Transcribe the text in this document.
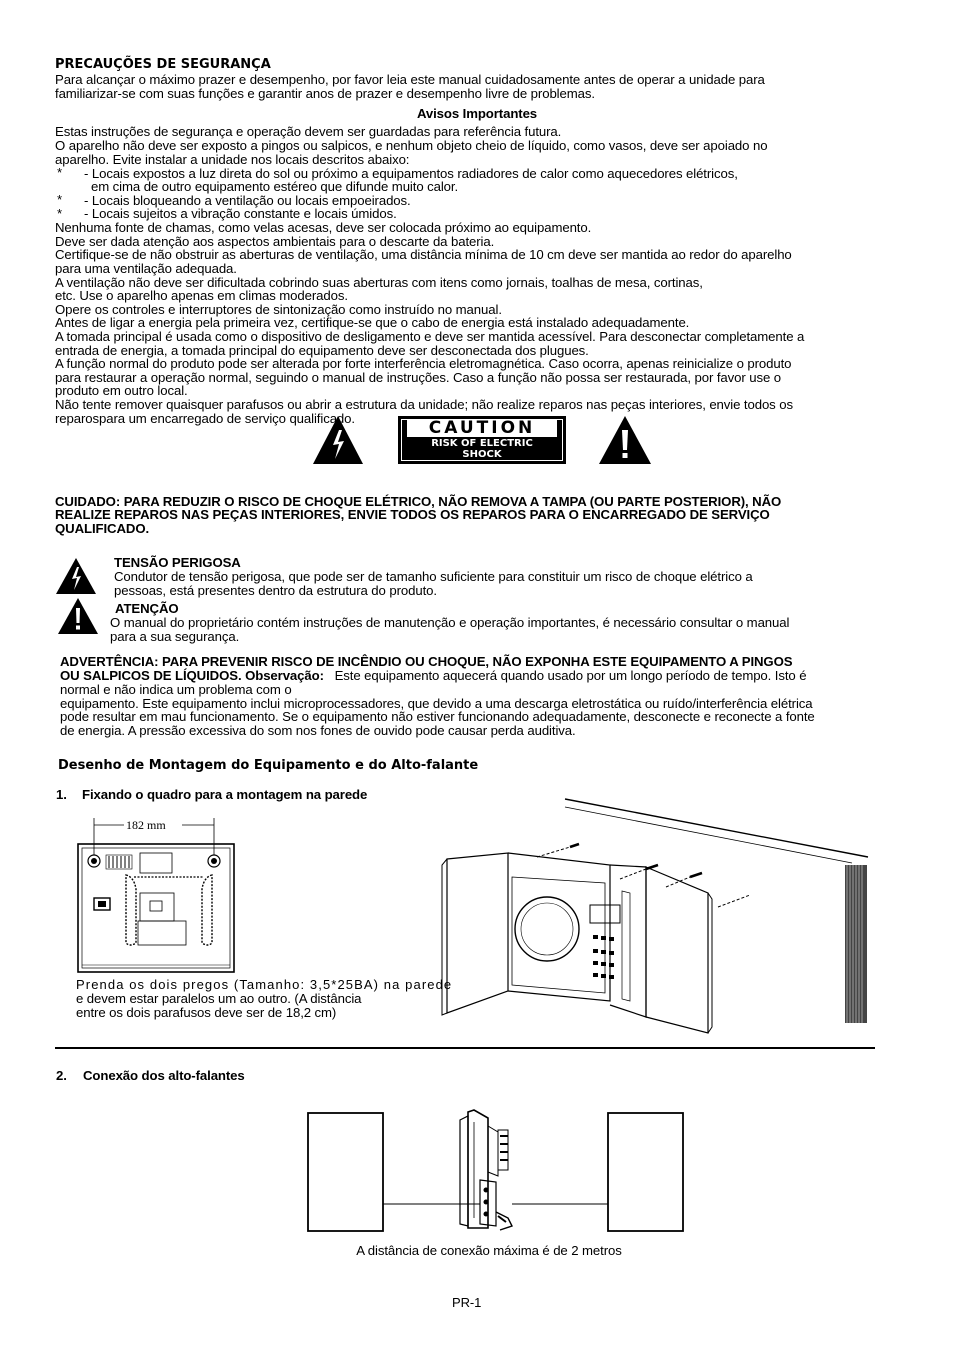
PRECAUÇÕES DE SEGURANÇA
Para alcançar o máximo prazer e desempenho, por favor leia este manual cuidadosamente antes de operar a unidade para
familiarizar-se com suas funções e garantir anos de prazer e desempenho livre de problemas.
Avisos Importantes
Estas instruções de segurança e operação devem ser guardadas para referência futura.
O aparelho não deve ser exposto a pingos ou salpicos, e nenhum objeto cheio de líquido, como vasos, deve ser apoiado no
aparelho. Evite instalar a unidade nos locais descritos abaixo:
* - Locais expostos a luz direta do sol ou próximo a equipamentos radiadores de calor como aquecedores elétricos,
em cima de outro equipamento estéreo que difunde muito calor.
* - Locais bloqueando a ventilação ou locais empoeirados.
* - Locais sujeitos a vibração constante e locais úmidos.
Nenhuma fonte de chamas, como velas acesas, deve ser colocada próximo ao equipamento.
Deve ser dada atenção aos aspectos ambientais para o descarte da bateria.
Certifique-se de não obstruir as aberturas de ventilação, uma distância mínima de 10 cm deve ser mantida ao redor do aparelho
para uma ventilação adequada.
A ventilação não deve ser dificultada cobrindo suas aberturas com itens como jornais, toalhas de mesa, cortinas,
etc. Use o aparelho apenas em climas moderados.
Opere os controles e interruptores de sintonização como instruído no manual.
Antes de ligar a energia pela primeira vez, certifique-se que o cabo de energia está instalado adequadamente.
A tomada principal é usada como o dispositivo de desligamento e deve ser mantida acessível. Para desconectar completamente a
entrada de energia, a tomada principal do equipamento deve ser desconectada dos plugues.
A função normal do produto pode ser alterada por forte interferência eletromagnética. Caso ocorra, apenas reinicialize o produto
para restaurar a operação normal, seguindo o manual de instruções. Caso a função não possa ser restaurada, por favor use o
produto em outro local.
Não tente remover quaisquer parafusos ou abrir a estrutura da unidade; não realize reparos nas peças interiores, envie todos os
reparospara um encarregado de serviço qualificado.	CAUTION
RISK OF ELECTRIC
SHOCK
CUIDADO: PARA REDUZIR O RISCO DE CHOQUE ELÉTRICO, NÃO REMOVA A TAMPA (OU PARTE POSTERIOR), NÃO
REALIZE REPAROS NAS PEÇAS INTERIORES, ENVIE TODOS OS REPAROS PARA O ENCARREGADO DE SERVIÇO
QUALIFICADO.
TENSÃO PERIGOSA
Condutor de tensão perigosa, que pode ser de tamanho suficiente para constituir um risco de choque elétrico a
pessoas, está presentes dentro da estrutura do produto.
ATENÇÃO
O manual do proprietário contém instruções de manutenção e operação importantes, é necessário consultar o manual
para a sua segurança.
ADVERTÊNCIA: PARA PREVENIR RISCO DE INCÊNDIO OU CHOQUE, NÃO EXPONHA ESTE EQUIPAMENTO A PINGOS
OU SALPICOS DE LÍQUIDOS. Observação:   Este equipamento aquecerá quando usado por um longo período de tempo. Isto é
normal e não indica um problema com o
equipamento. Este equipamento inclui microprocessadores, que devido a uma descarga eletrostática ou ruído/interferência elétrica
pode resultar em mau funcionamento. Se o equipamento não estiver funcionando adequadamente, desconecte e reconecte a fonte
de energia. A pressão excessiva do som nos fones de ouvido pode causar perda auditiva.
Desenho de Montagem do Equipamento e do Alto-falante
1. Fixando o quadro para a montagem na parede
182 mm
Prenda os dois pregos (Tamanho: 3,5*25BA) na parede
e devem estar paralelos um ao outro. (A distância
entre os dois parafusos deve ser de 18,2 cm)
2. Conexão dos alto-falantes
A distância de conexão máxima é de 2 metros
PR-1
